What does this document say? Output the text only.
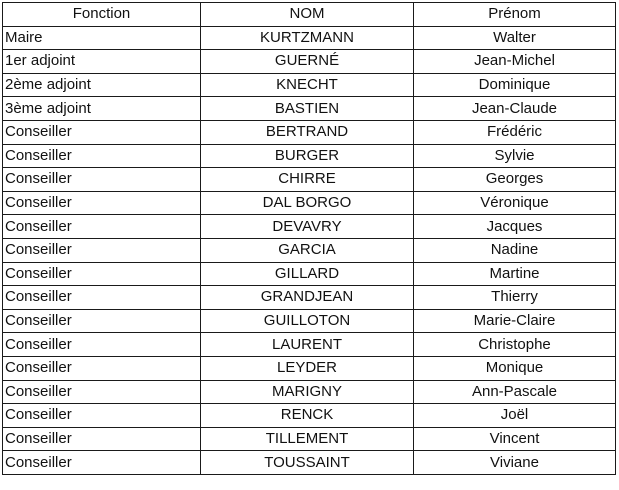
Fonction	NOM	Prénom
Maire	KURTZMANN	Walter
1er adjoint	GUERNÉ	Jean-Michel
2ème adjoint	KNECHT	Dominique
3ème adjoint	BASTIEN	Jean-Claude
Conseiller	BERTRAND	Frédéric
Conseiller	BURGER	Sylvie
Conseiller	CHIRRE	Georges
Conseiller	DAL BORGO	Véronique
Conseiller	DEVAVRY	Jacques
Conseiller	GARCIA	Nadine
Conseiller	GILLARD	Martine
Conseiller	GRANDJEAN	Thierry
Conseiller	GUILLOTON	Marie-Claire
Conseiller	LAURENT	Christophe
Conseiller	LEYDER	Monique
Conseiller	MARIGNY	Ann-Pascale
Conseiller	RENCK	Joël
Conseiller	TILLEMENT	Vincent
Conseiller	TOUSSAINT	Viviane
